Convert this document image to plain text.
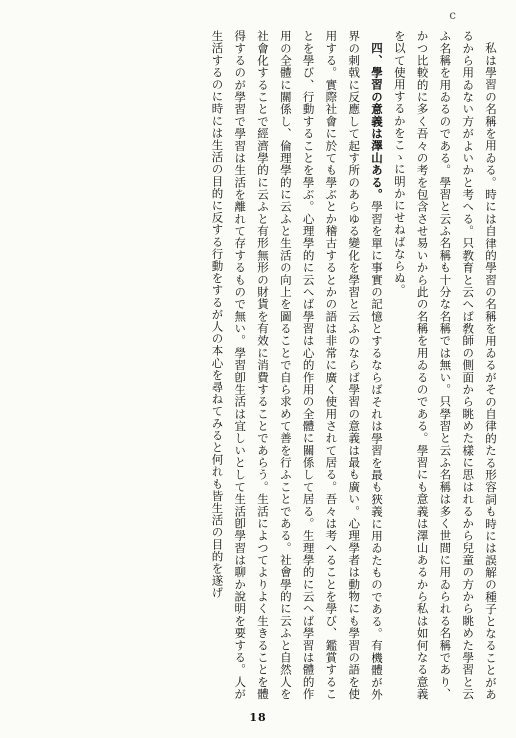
c

私は學習の名稱を用ゐる。時には自律的學習の名稱を用ゐるがその自律的たる形容詞も時には誤解の種子となることがあるから用ゐない方がよいかと考へる。只教育と云へば敎師の側面から眺めた樣に思はれるから兒童の方から眺めた學習と云ふ名稱を用ゐるのである。學習と云ふ名稱も十分な名稱では無い。只學習と云ふ名稱は多く世間に用ゐられる名稱であり、かつ比較的に多く吾々の考を包含させ易いから此の名稱を用ゐるのである。學習にも意義は澤山あるから私は如何なる意義を以て使用するかをこゝに明かにせねばならぬ。

四、學習の意義は澤山ある。學習を單に事實の記憶とするならばそれは學習を最も狹義に用ゐたものである。有機體が外界の刺戟に反應して起す所のあらゆる變化を學習と云ふのならば學習の意義は最も廣い。心理學者は動物にも學習の語を使用する。實際社會に於ても學ぶとか稽古するとかの語は非常に廣く使用されて居る。吾々は考へることを學び、鑑賞することを學び、行動することを學ぶ。心理學的に云へば學習は心的作用の全體に關係して居る。生理學的に云へば學習は體的作用の全體に關係し、倫理學的に云ふと生活の向上を圖ることで自ら求めて善を行ふことである。社會學的に云ふと自然人を社會化することで經濟學的に云ふと有形無形の財貨を有效に消費することであらう。生活によつてよりよく生きることを體得するのが學習で學習は生活を離れて存するもので無い。學習卽生活は宜しいとして生活卽學習は聊か說明を要する。人が生活するのに時には生活の目的に反する行動をするが人の本心を尋ねてみると何れも皆生活の目的を遂げ

18
